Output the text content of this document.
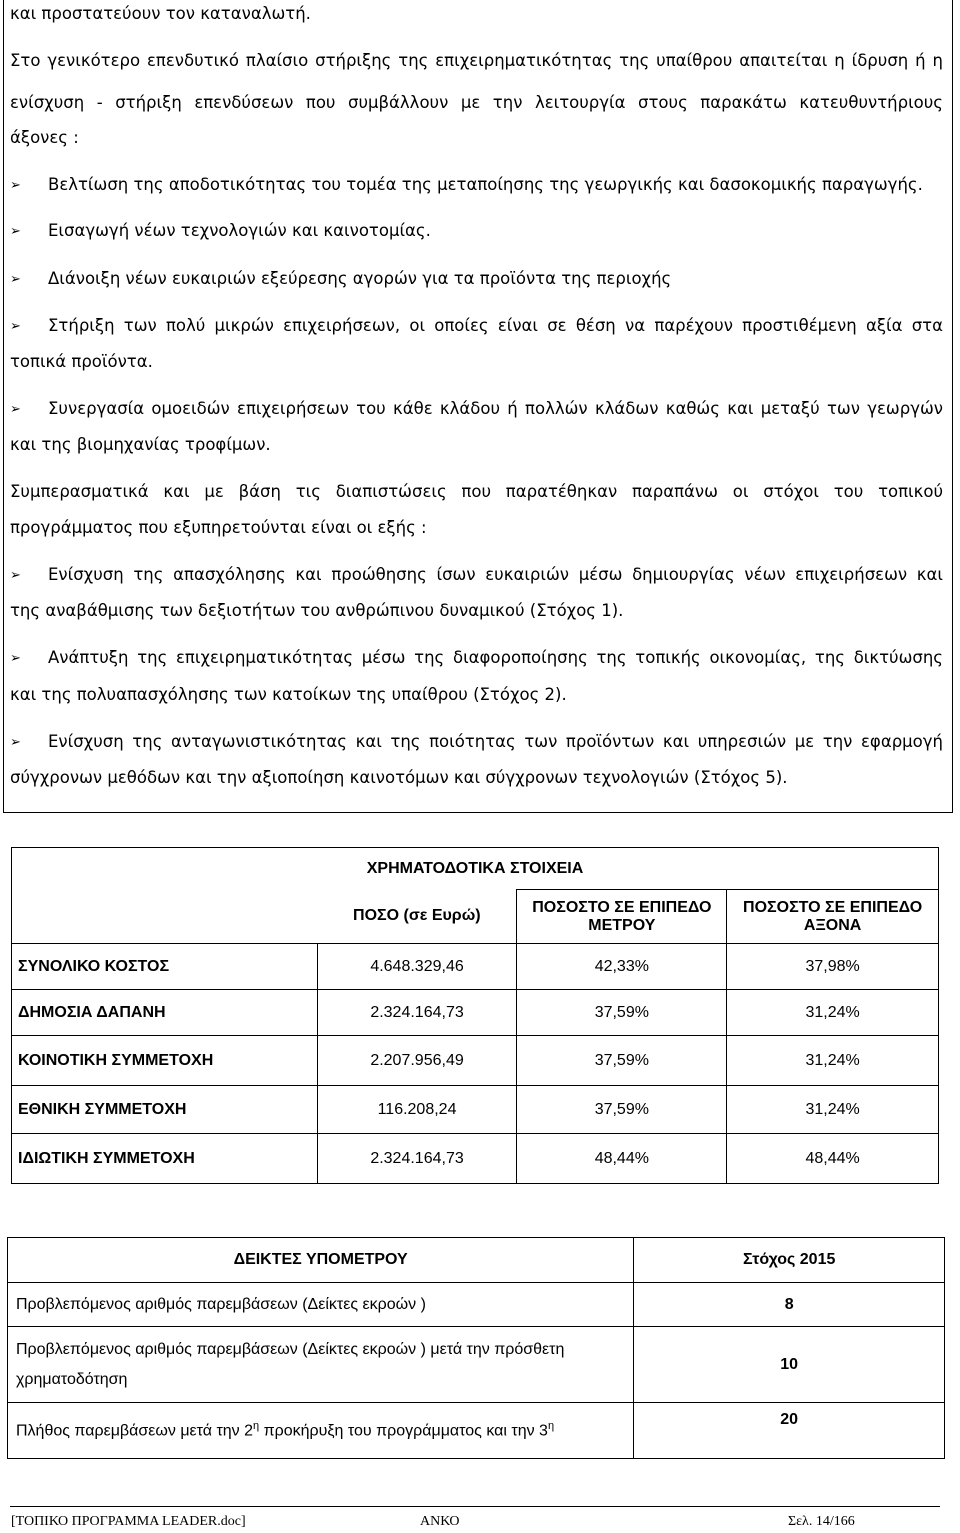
και προστατεύουν τον καταναλωτή.
Στο γενικότερο επενδυτικό πλαίσιο στήριξης της επιχειρηματικότητας της υπαίθρου απαιτείται η ίδρυση ή η
ενίσχυση - στήριξη επενδύσεων που συμβάλλουν με την λειτουργία στους παρακάτω κατευθυντήριους
άξονες :
➢ Βελτίωση της αποδοτικότητας του τομέα της μεταποίησης της γεωργικής και δασοκομικής παραγωγής.
➢ Εισαγωγή νέων τεχνολογιών και καινοτομίας.
➢ Διάνοιξη νέων ευκαιριών εξεύρεσης αγορών για τα προϊόντα της περιοχής
➢ Στήριξη των πολύ μικρών επιχειρήσεων, οι οποίες είναι σε θέση να παρέχουν προστιθέμενη αξία στα
τοπικά προϊόντα.
➢ Συνεργασία ομοειδών επιχειρήσεων του κάθε κλάδου ή πολλών κλάδων καθώς και μεταξύ των γεωργών
και της βιομηχανίας τροφίμων.
Συμπερασματικά και με βάση τις διαπιστώσεις που παρατέθηκαν παραπάνω οι στόχοι του τοπικού
προγράμματος που εξυπηρετούνται είναι οι εξής :
➢ Ενίσχυση της απασχόλησης και προώθησης ίσων ευκαιριών μέσω δημιουργίας νέων επιχειρήσεων και
της αναβάθμισης των δεξιοτήτων του ανθρώπινου δυναμικού (Στόχος 1).
➢ Ανάπτυξη της επιχειρηματικότητας μέσω της διαφοροποίησης της τοπικής οικονομίας, της δικτύωσης
και της πολυαπασχόλησης των κατοίκων της υπαίθρου (Στόχος 2).
➢ Ενίσχυση της ανταγωνιστικότητας και της ποιότητας των προϊόντων και υπηρεσιών με την εφαρμογή
σύγχρονων μεθόδων και την αξιοποίηση καινοτόμων και σύγχρονων τεχνολογιών (Στόχος 5).
ΧΡΗΜΑΤΟΔΟΤΙΚΑ ΣΤΟΙΧΕΙΑ			
	ΠΟΣΟ (σε Ευρώ)	ΠΟΣΟΣΤΟ ΣΕ ΕΠΙΠΕΔΟ ΜΕΤΡΟΥ	ΠΟΣΟΣΤΟ ΣΕ ΕΠΙΠΕΔΟ ΑΞΟΝΑ
ΣΥΝΟΛΙΚΟ ΚΟΣΤΟΣ	4.648.329,46	42,33%	37,98%
ΔΗΜΟΣΙΑ ΔΑΠΑΝΗ	2.324.164,73	37,59%	31,24%
ΚΟΙΝΟΤΙΚΗ ΣΥΜΜΕΤΟΧΗ	2.207.956,49	37,59%	31,24%
ΕΘΝΙΚΗ ΣΥΜΜΕΤΟΧΗ	116.208,24	37,59%	31,24%
ΙΔΙΩΤΙΚΗ ΣΥΜΜΕΤΟΧΗ	2.324.164,73	48,44%	48,44%
ΔΕΙΚΤΕΣ ΥΠΟΜΕΤΡΟΥ	Στόχος 2015
Προβλεπόμενος αριθμός παρεμβάσεων (Δείκτες εκροών )	8

Προβλεπόμενος αριθμός παρεμβάσεων (Δείκτες εκροών ) μετά την πρόσθετη
χρηματοδότηση	10
Πλήθος παρεμβάσεων μετά την $2^\eta$ προκήρυξη του προγράμματος και την $3^\eta$	20
[ΤΟΠΙΚΟ ΠΡΟΓΡΑΜΜΑ LEADER.doc]	ΑΝΚΟ	Σελ. 14/166
